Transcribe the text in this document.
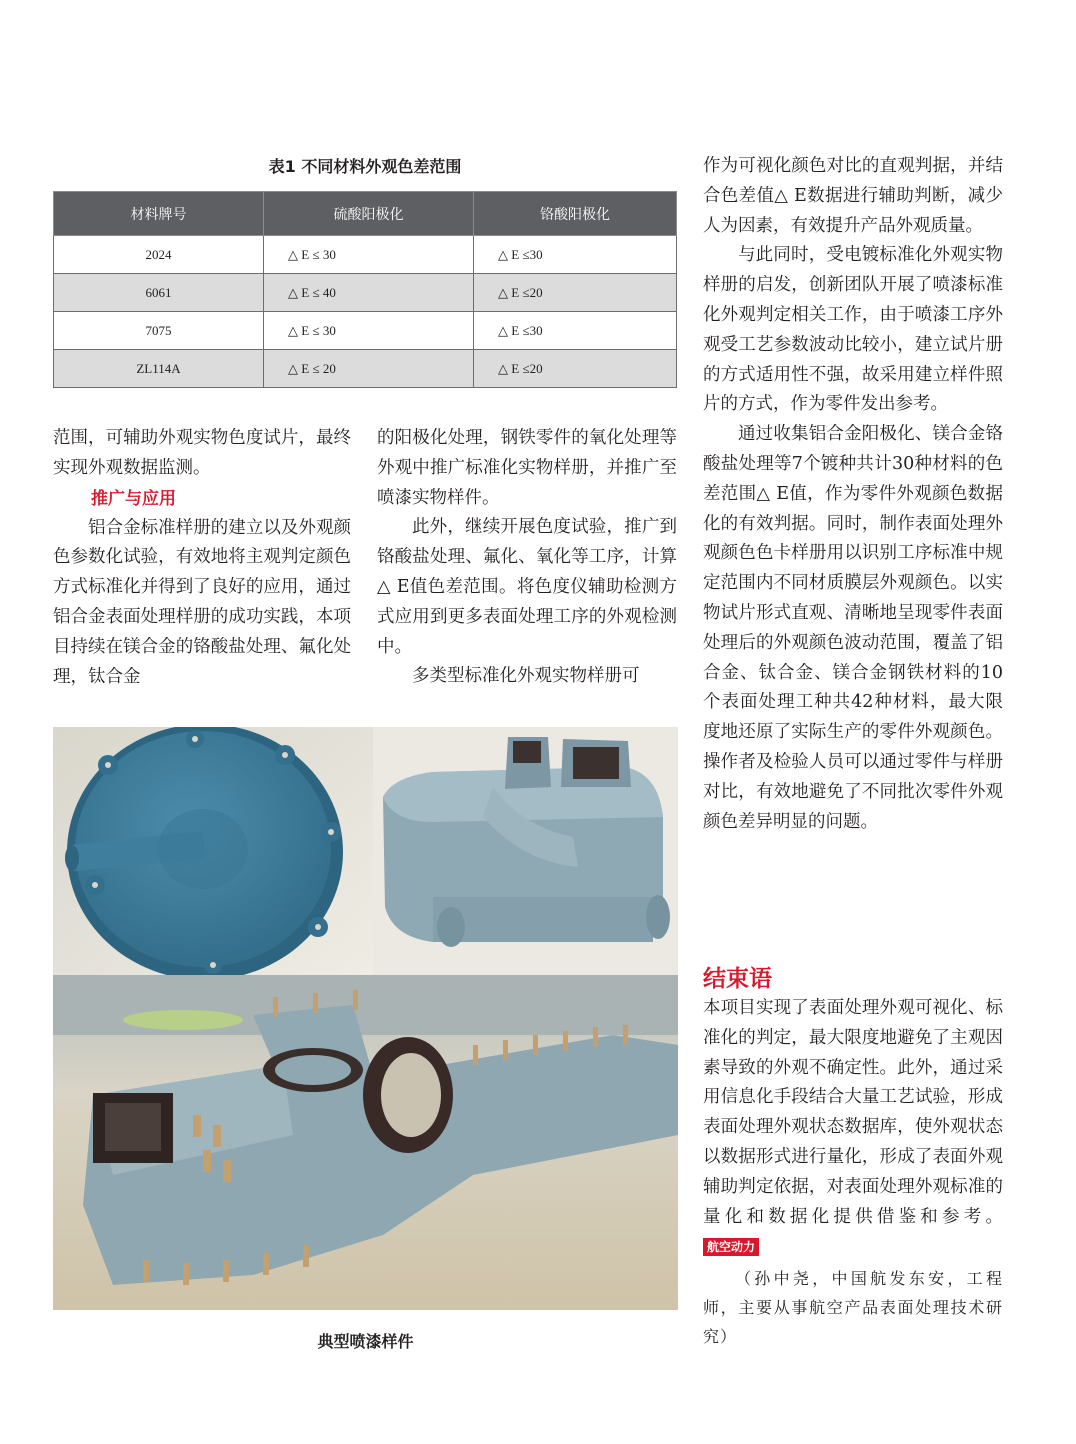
表1 不同材料外观色差范围
材料牌号	硫酸阳极化	铬酸阳极化
2024	△ E ≤ 30	△ E ≤30
6061	△ E ≤ 40	△ E ≤20
7075	△ E ≤ 30	△ E ≤30
ZL114A	△ E ≤ 20	△ E ≤20

范围，可辅助外观实物色度试片，最终实现外观数据监测。

推广与应用

铝合金标准样册的建立以及外观颜色参数化试验，有效地将主观判定颜色方式标准化并得到了良好的应用，通过铝合金表面处理样册的成功实践，本项目持续在镁合金的铬酸盐处理、氟化处理，钛合金

的阳极化处理，钢铁零件的氧化处理等外观中推广标准化实物样册，并推广至喷漆实物样件。

此外，继续开展色度试验，推广到铬酸盐处理、氟化、氧化等工序，计算△ E值色差范围。将色度仪辅助检测方式应用到更多表面处理工序的外观检测中。

多类型标准化外观实物样册可

作为可视化颜色对比的直观判据，并结合色差值△ E数据进行辅助判断，减少人为因素，有效提升产品外观质量。

与此同时，受电镀标准化外观实物样册的启发，创新团队开展了喷漆标准化外观判定相关工作，由于喷漆工序外观受工艺参数波动比较小，建立试片册的方式适用性不强，故采用建立样件照片的方式，作为零件发出参考。

通过收集铝合金阳极化、镁合金铬酸盐处理等7个镀种共计30种材料的色差范围△ E值，作为零件外观颜色数据化的有效判据。同时，制作表面处理外观颜色色卡样册用以识别工序标准中规定范围内不同材质膜层外观颜色。以实物试片形式直观、清晰地呈现零件表面处理后的外观颜色波动范围，覆盖了铝合金、钛合金、镁合金钢铁材料的10个表面处理工种共42种材料，最大限度地还原了实际生产的零件外观颜色。操作者及检验人员可以通过零件与样册对比，有效地避免了不同批次零件外观颜色差异明显的问题。

结束语

本项目实现了表面处理外观可视化、标准化的判定，最大限度地避免了主观因素导致的外观不确定性。此外，通过采用信息化手段结合大量工艺试验，形成表面处理外观状态数据库，使外观状态以数据形式进行量化，形成了表面外观辅助判定依据，对表面处理外观标准的量化和数据化提供借鉴和参考。 航空动力

（孙中尧，中国航发东安，工程师，主要从事航空产品表面处理技术研究）

典型喷漆样件
